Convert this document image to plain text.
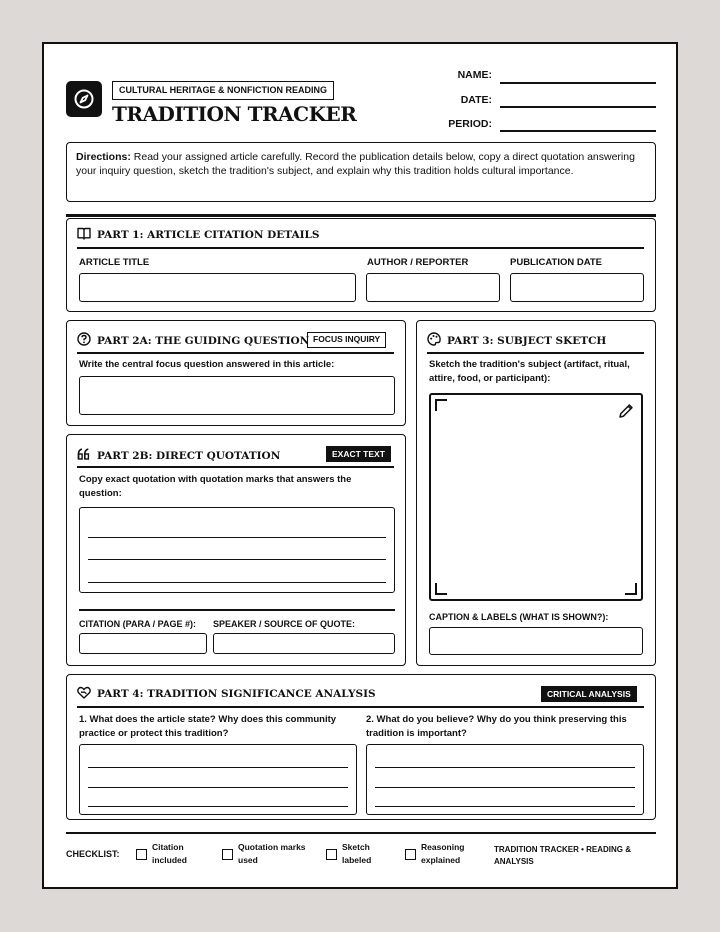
CULTURAL HERITAGE & NONFICTION READING
TRADITION TRACKER
NAME:
DATE:
PERIOD:
Directions: Read your assigned article carefully. Record the publication details below, copy a direct quotation answering your inquiry question, sketch the tradition's subject, and explain why this tradition holds cultural importance.
PART 1: ARTICLE CITATION DETAILS
ARTICLE TITLE	AUTHOR / REPORTER	PUBLICATION DATE
PART 2A: THE GUIDING QUESTION FOCUS INQUIRY
Write the central focus question answered in this article:
PART 2B: DIRECT QUOTATION	EXACT TEXT
Copy exact quotation with quotation marks that answers the question:
CITATION (PARA / PAGE #): SPEAKER / SOURCE OF QUOTE:
PART 3: SUBJECT SKETCH
Sketch the tradition's subject (artifact, ritual, attire, food, or participant):
CAPTION & LABELS (WHAT IS SHOWN?):
PART 4: TRADITION SIGNIFICANCE ANALYSIS	CRITICAL ANALYSIS
1. What does the article state? Why does this community practice or protect this tradition?
2. What do you believe? Why do you think preserving this tradition is important?
CHECKLIST:
Citation included
Quotation marks used
Sketch labeled
Reasoning explained
TRADITION TRACKER • READING & ANALYSIS
